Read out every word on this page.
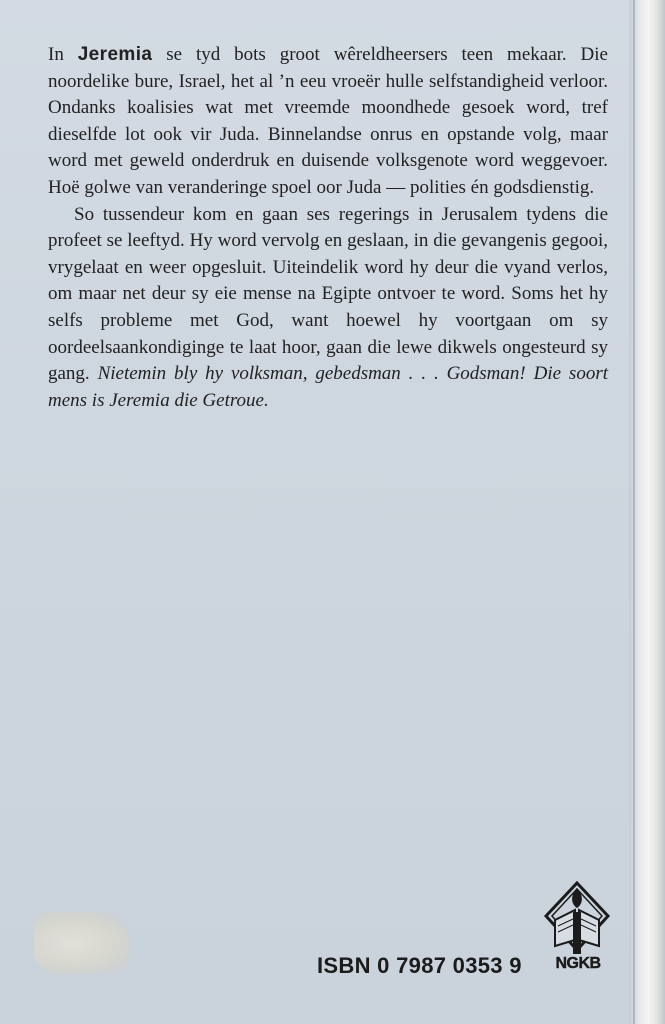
In Jeremia se tyd bots groot wêreldheersers teen mekaar. Die noordelike bure, Israel, het al ’n eeu vroeër hulle selfstandigheid verloor. Ondanks koalisies wat met vreemde moondhede gesoek word, tref dieselfde lot ook vir Juda. Binnelandse onrus en opstande volg, maar word met geweld onderdruk en duisende volksgenote word weggevoer. Hoë golwe van veranderinge spoel oor Juda — polities én godsdienstig.

So tussendeur kom en gaan ses regerings in Jerusalem tydens die profeet se leeftyd. Hy word vervolg en geslaan, in die gevangenis gegooi, vrygelaat en weer opgesluit. Uiteindelik word hy deur die vyand verlos, om maar net deur sy eie mense na Egipte ontvoer te word. Soms het hy selfs probleme met God, want hoewel hy voortgaan om sy oordeelsaankondiginge te laat hoor, gaan die lewe dikwels ongesteurd sy gang. Nietemin bly hy volksman, gebedsman . . . Godsman! Die soort mens is Jeremia die Getroue.

ISBN 0 7987 0353 9	NGKB
